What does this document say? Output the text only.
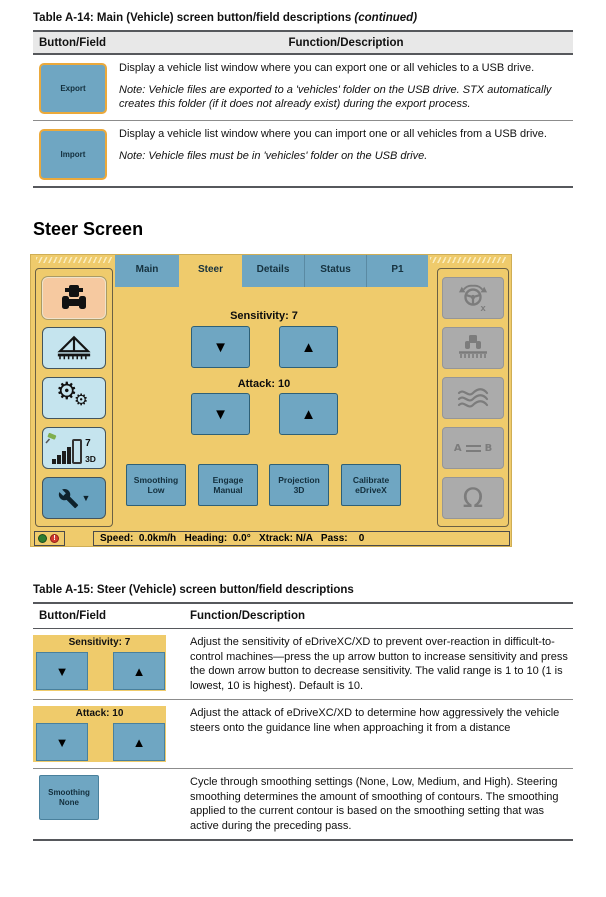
Table A-14: Main (Vehicle) screen button/field descriptions (continued)

Button/Field	Function/Description
Export

Display a vehicle list window where you can export one or all vehicles to a USB drive.

Note: Vehicle files are exported to a 'vehicles' folder on the USB drive. STX automatically creates this folder (if it does not already exist) during the export process.

Import

Display a vehicle list window where you can import one or all vehicles from a USB drive.

Note: Vehicle files must be in 'vehicles' folder on the USB drive.

Steer Screen
⚙
⚙
7
3D
▼
Main	Steer	Details	Status	P1
Sensitivity: 7
▼	▲
Attack: 10
▼	▲
Smoothing
Low
Engage
Manual
Projection
3D
Calibrate
eDriveX
x
A B
Ω
!	Speed:  0.0km/h   Heading:  0.0°   Xtrack: N/A   Pass:    0

Table A-15: Steer (Vehicle) screen button/field descriptions

Button/Field	Function/Description
Sensitivity: 7
▼	▲

Adjust the sensitivity of eDriveXC/XD to prevent over-reaction in difficult-to-control machines—press the up arrow button to increase sensitivity and press the down arrow button to decrease sensitivity. The valid range is 1 to 10 (1 is lowest, 10 is highest). Default is 10.

Attack: 10
▼	▲

Adjust the attack of eDriveXC/XD to determine how aggressively the vehicle steers onto the guidance line when approaching it from a distance

Smoothing
None

Cycle through smoothing settings (None, Low, Medium, and High). Steering smoothing determines the amount of smoothing of contours. The smoothing applied to the current contour is based on the smoothing setting that was active during the preceding pass.
